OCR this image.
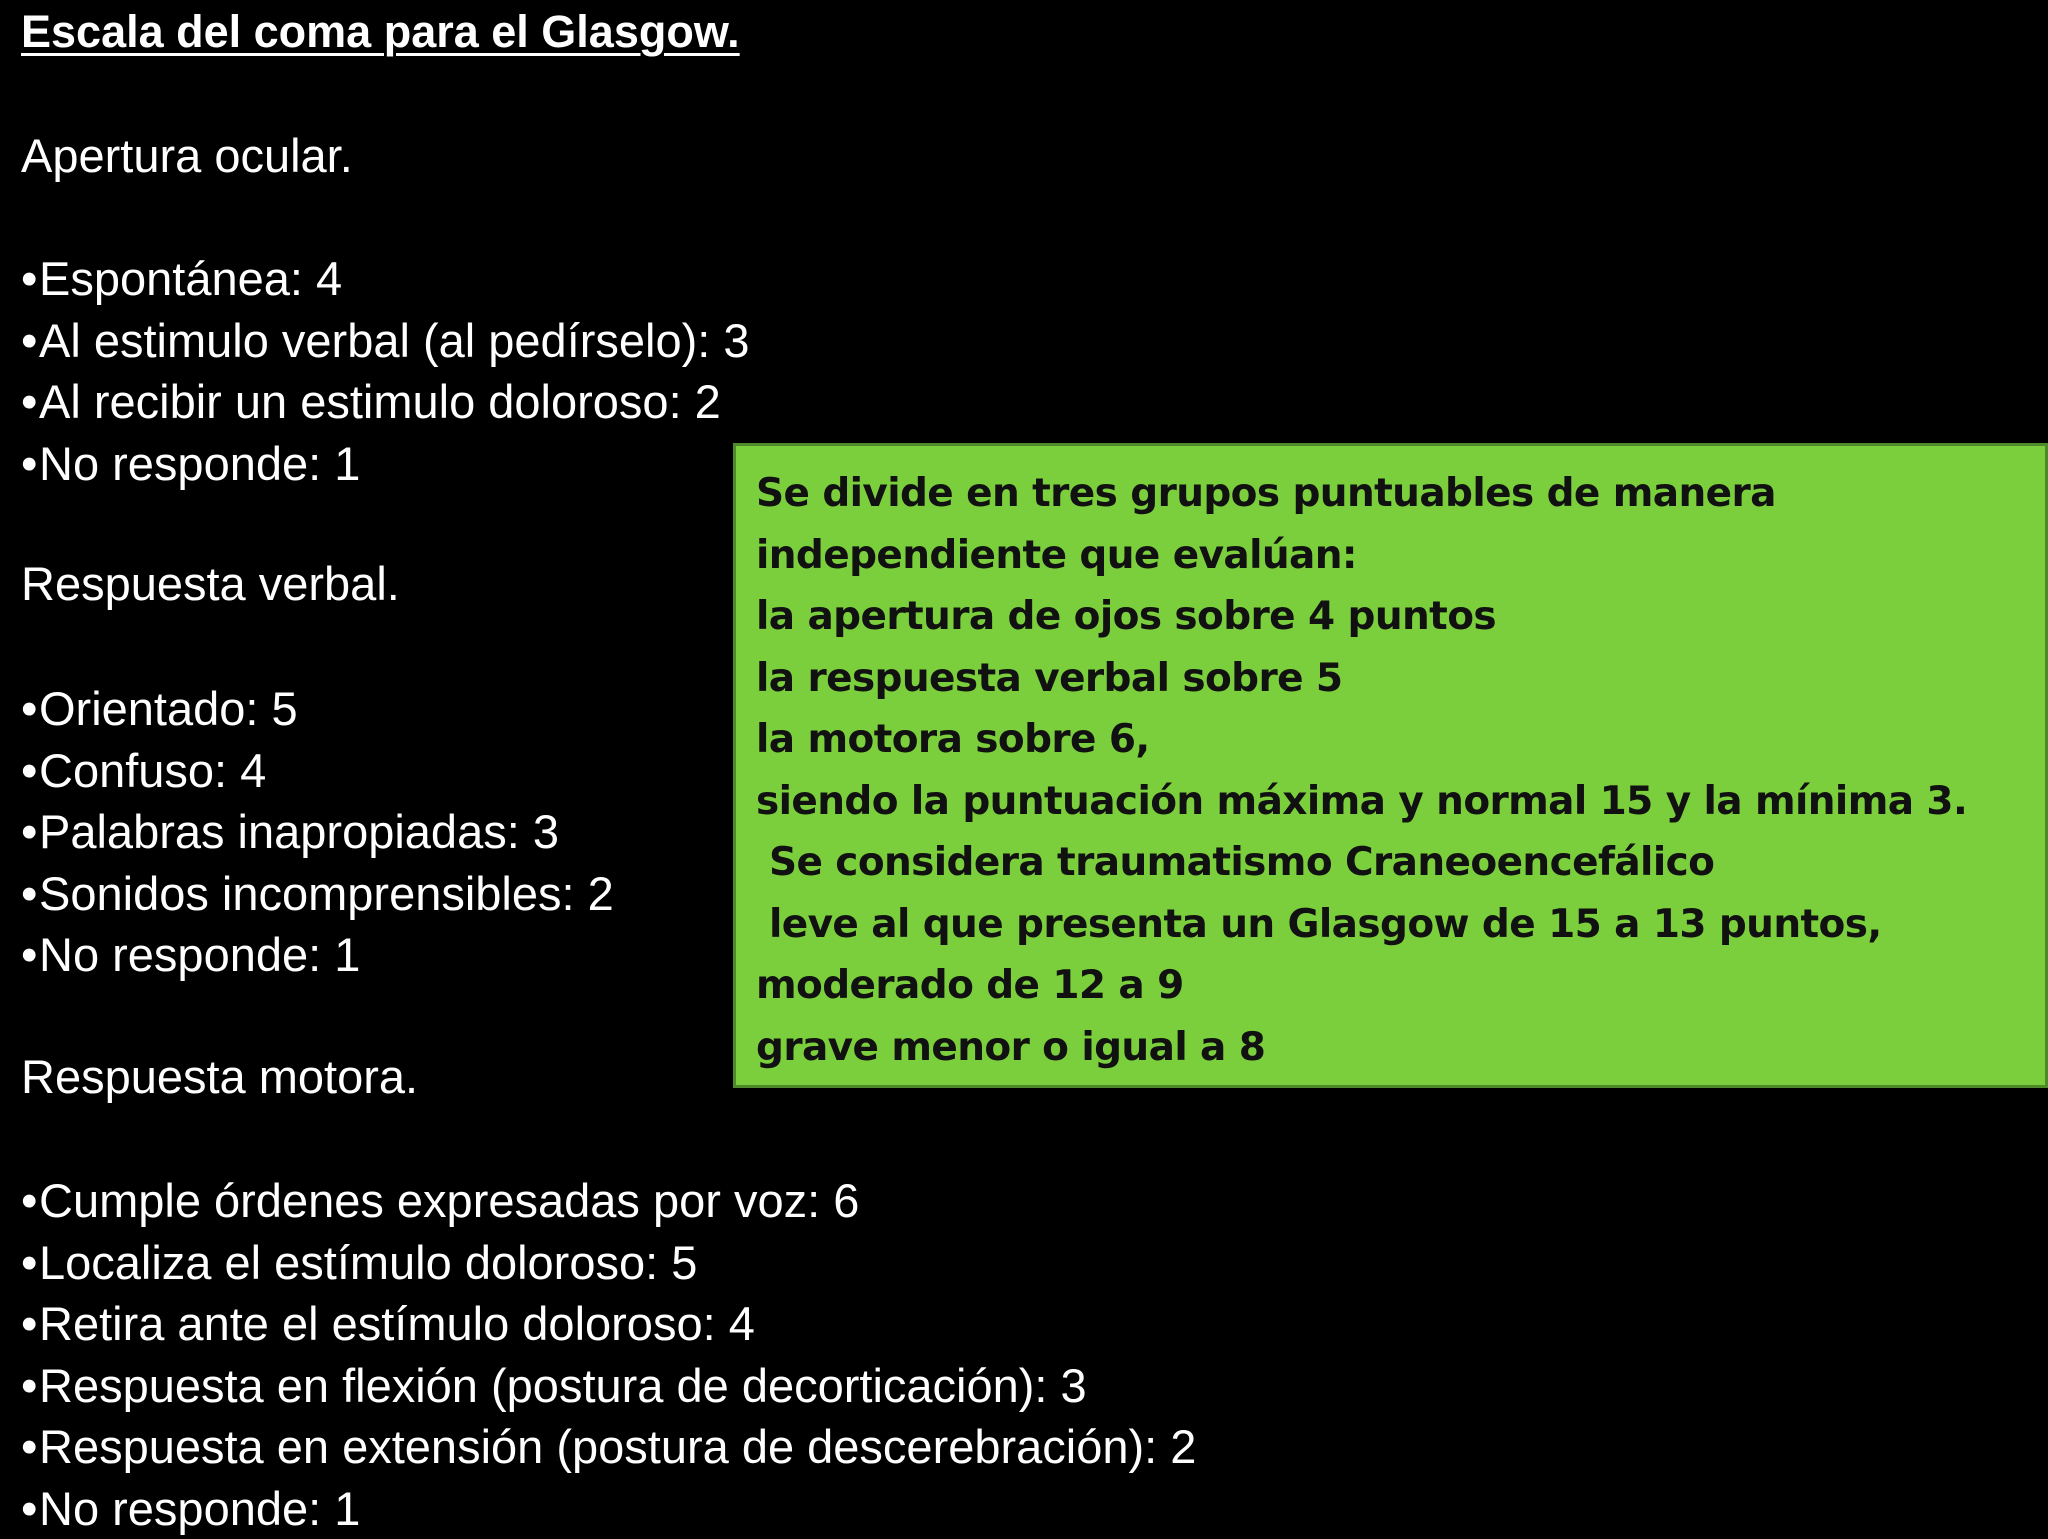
Escala del coma para el Glasgow.
Apertura ocular.
• Espontánea: 4
• Al estimulo verbal (al pedírselo): 3
• Al recibir un estimulo doloroso: 2
• No responde: 1
Respuesta verbal.
• Orientado: 5
• Confuso: 4
• Palabras inapropiadas: 3
• Sonidos incomprensibles: 2
• No responde: 1
Respuesta motora.
• Cumple órdenes expresadas por voz: 6
• Localiza el estímulo doloroso: 5
• Retira ante el estímulo doloroso: 4
• Respuesta en flexión (postura de decorticación): 3
• Respuesta en extensión (postura de descerebración): 2
• No responde: 1
Se divide en tres grupos puntuables de manera
independiente que evalúan:
la apertura de ojos sobre 4 puntos
la respuesta verbal sobre 5
la motora sobre 6,
siendo la puntuación máxima y normal 15 y la mínima 3.
Se considera traumatismo Craneoencefálico
leve al que presenta un Glasgow de 15 a 13 puntos,
moderado de 12 a 9
grave menor o igual a 8
